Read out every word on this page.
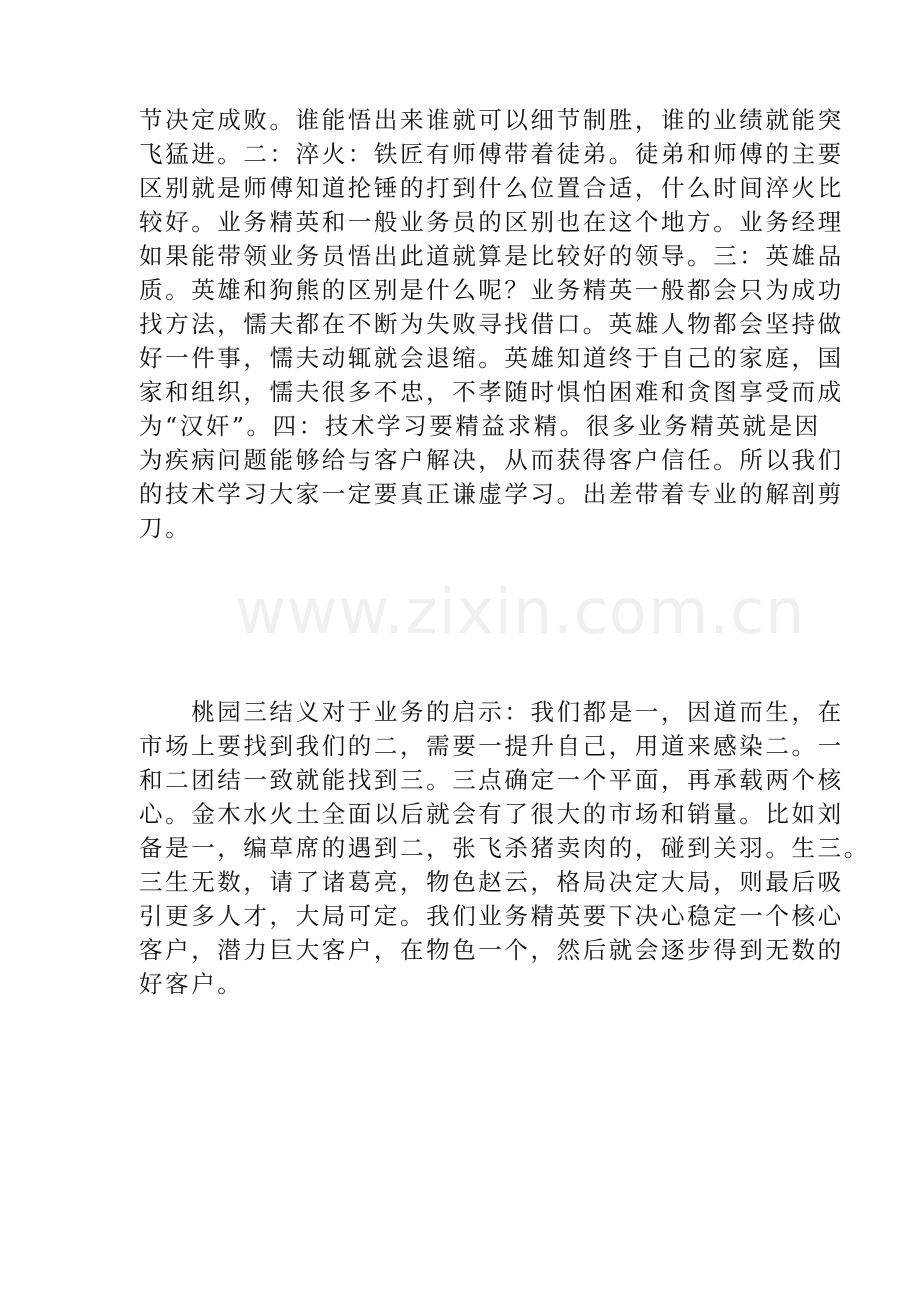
节决定成败。谁能悟出来谁就可以细节制胜，谁的业绩就能突
飞猛进。二：淬火：铁匠有师傅带着徒弟。徒弟和师傅的主要
区别就是师傅知道抡锤的打到什么位置合适，什么时间淬火比
较好。业务精英和一般业务员的区别也在这个地方。业务经理
如果能带领业务员悟出此道就算是比较好的领导。三：英雄品
质。英雄和狗熊的区别是什么呢？业务精英一般都会只为成功
找方法，懦夫都在不断为失败寻找借口。英雄人物都会坚持做
好一件事，懦夫动辄就会退缩。英雄知道终于自己的家庭，国
家和组织，懦夫很多不忠，不孝随时惧怕困难和贪图享受而成
为“汉奸”。四：技术学习要精益求精。很多业务精英就是因
为疾病问题能够给与客户解决，从而获得客户信任。所以我们
的技术学习大家一定要真正谦虚学习。出差带着专业的解剖剪
刀。
www.zixin.com.cn
　　桃园三结义对于业务的启示：我们都是一，因道而生，在
市场上要找到我们的二，需要一提升自己，用道来感染二。一
和二团结一致就能找到三。三点确定一个平面，再承载两个核
心。金木水火土全面以后就会有了很大的市场和销量。比如刘
备是一，编草席的遇到二，张飞杀猪卖肉的，碰到关羽。生三。
三生无数，请了诸葛亮，物色赵云，格局决定大局，则最后吸
引更多人才，大局可定。我们业务精英要下决心稳定一个核心
客户，潜力巨大客户，在物色一个，然后就会逐步得到无数的
好客户。
